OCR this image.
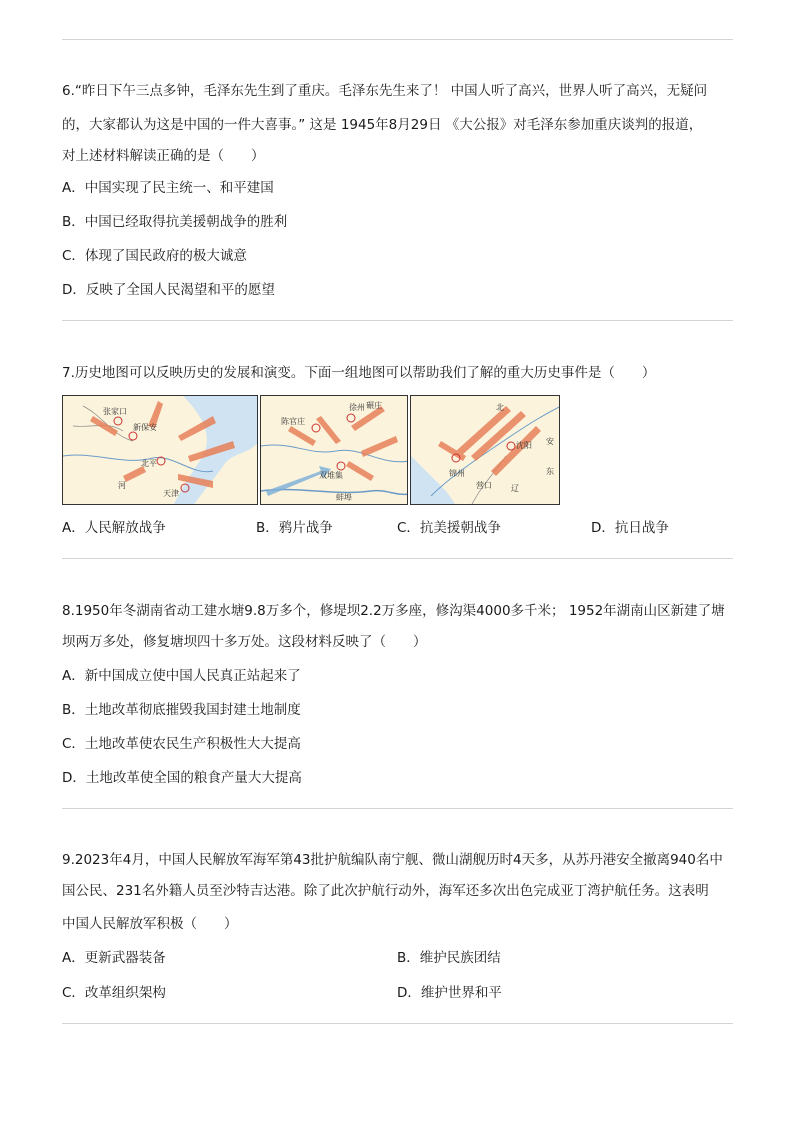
6.“昨日下午三点多钟，毛泽东先生到了重庆。毛泽东先生来了！ 中国人听了高兴，世界人听了高兴，无疑问
的，大家都认为这是中国的一件大喜事。” 这是 1945年8月29日 《大公报》对毛泽东参加重庆谈判的报道，
对上述材料解读正确的是（　　）
A．中国实现了民主统一、和平建国
B．中国已经取得抗美援朝战争的胜利
C．体现了国民政府的极大诚意
D．反映了全国人民渴望和平的愿望
7.历史地图可以反映历史的发展和演变。下面一组地图可以帮助我们了解的重大历史事件是（　　）
张家口
新保安
北平
天津
河
徐州
陈官庄
碾庄
双堆集
蚌埠
北
安
锦州
营口
沈阳
东
辽
A．人民解放战争	B．鸦片战争	C．抗美援朝战争	D．抗日战争
8.1950年冬湖南省动工建水塘9.8万多个，修堤坝2.2万多座，修沟渠4000多千米； 1952年湖南山区新建了塘
坝两万多处，修复塘坝四十多万处。这段材料反映了（　　）
A．新中国成立使中国人民真正站起来了
B．土地改革彻底摧毁我国封建土地制度
C．土地改革使农民生产积极性大大提高
D．土地改革使全国的粮食产量大大提高
9.2023年4月，中国人民解放军海军第43批护航编队南宁舰、微山湖舰历时4天多，从苏丹港安全撤离940名中
国公民、231名外籍人员至沙特吉达港。除了此次护航行动外，海军还多次出色完成亚丁湾护航任务。这表明
中国人民解放军积极（　　）
A．更新武器装备	B．维护民族团结
C．改革组织架构	D．维护世界和平
